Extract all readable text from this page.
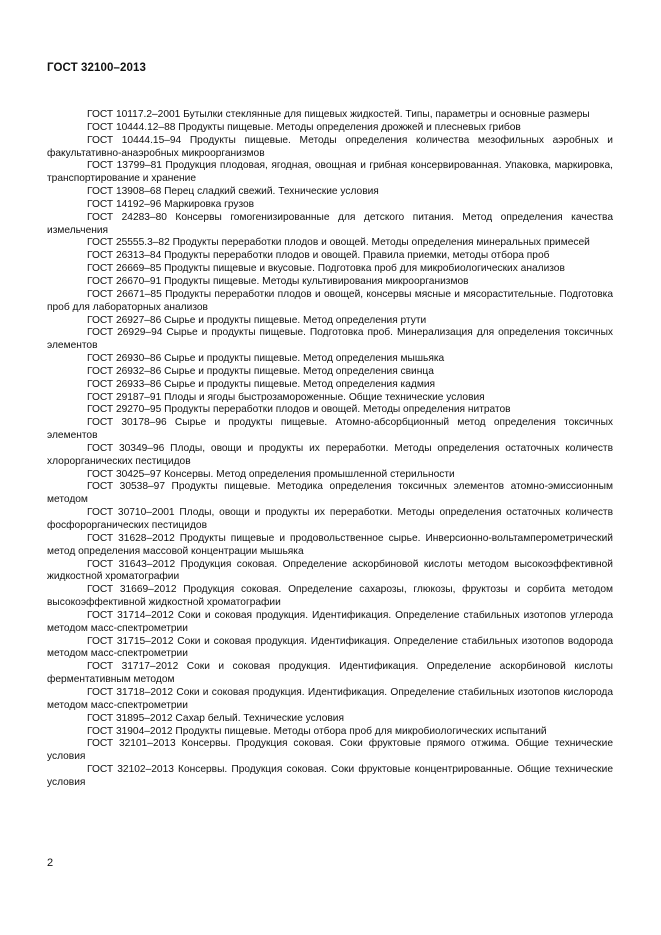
ГОСТ 32100–2013

ГОСТ 10117.2–2001 Бутылки стеклянные для пищевых жидкостей. Типы, параметры и основные размеры

ГОСТ 10444.12–88 Продукты пищевые. Методы определения дрожжей и плесневых грибов

ГОСТ 10444.15–94 Продукты пищевые. Методы определения количества мезофильных аэробных и факультативно-анаэробных микроорганизмов

ГОСТ 13799–81 Продукция плодовая, ягодная, овощная и грибная консервированная. Упаковка, маркировка, транспортирование и хранение

ГОСТ 13908–68 Перец сладкий свежий. Технические условия

ГОСТ 14192–96 Маркировка грузов

ГОСТ 24283–80 Консервы гомогенизированные для детского питания. Метод определения качества измельчения

ГОСТ 25555.3–82 Продукты переработки плодов и овощей. Методы определения минеральных примесей

ГОСТ 26313–84 Продукты переработки плодов и овощей. Правила приемки, методы отбора проб

ГОСТ 26669–85 Продукты пищевые и вкусовые. Подготовка проб для микробиологических анализов

ГОСТ 26670–91 Продукты пищевые. Методы культивирования микроорганизмов

ГОСТ 26671–85 Продукты переработки плодов и овощей, консервы мясные и мясорастительные. Подготовка проб для лабораторных анализов

ГОСТ 26927–86 Сырье и продукты пищевые. Метод определения ртути

ГОСТ 26929–94 Сырье и продукты пищевые. Подготовка проб. Минерализация для определения токсичных элементов

ГОСТ 26930–86 Сырье и продукты пищевые. Метод определения мышьяка

ГОСТ 26932–86 Сырье и продукты пищевые. Метод определения свинца

ГОСТ 26933–86 Сырье и продукты пищевые. Метод определения кадмия

ГОСТ 29187–91 Плоды и ягоды быстрозамороженные. Общие технические условия

ГОСТ 29270–95 Продукты переработки плодов и овощей. Методы определения нитратов

ГОСТ 30178–96 Сырье и продукты пищевые. Атомно-абсорбционный метод определения токсичных элементов

ГОСТ 30349–96 Плоды, овощи и продукты их переработки. Методы определения остаточных количеств хлорорганических пестицидов

ГОСТ 30425–97 Консервы. Метод определения промышленной стерильности

ГОСТ 30538–97 Продукты пищевые. Методика определения токсичных элементов атомно-эмиссионным методом

ГОСТ 30710–2001 Плоды, овощи и продукты их переработки. Методы определения остаточных количеств фосфорорганических пестицидов

ГОСТ 31628–2012 Продукты пищевые и продовольственное сырье. Инверсионно-вольтамперометрический метод определения массовой концентрации мышьяка

ГОСТ 31643–2012 Продукция соковая. Определение аскорбиновой кислоты методом высокоэффективной жидкостной хроматографии

ГОСТ 31669–2012 Продукция соковая. Определение сахарозы, глюкозы, фруктозы и сорбита методом высокоэффективной жидкостной хроматографии

ГОСТ 31714–2012 Соки и соковая продукция. Идентификация. Определение стабильных изотопов углерода методом масс-спектрометрии

ГОСТ 31715–2012 Соки и соковая продукция. Идентификация. Определение стабильных изотопов водорода методом масс-спектрометрии

ГОСТ 31717–2012 Соки и соковая продукция. Идентификация. Определение аскорбиновой кислоты ферментативным методом

ГОСТ 31718–2012 Соки и соковая продукция. Идентификация. Определение стабильных изотопов кислорода методом масс-спектрометрии

ГОСТ 31895–2012 Сахар белый. Технические условия

ГОСТ 31904–2012 Продукты пищевые. Методы отбора проб для микробиологических испытаний

ГОСТ 32101–2013 Консервы. Продукция соковая. Соки фруктовые прямого отжима. Общие технические условия

ГОСТ 32102–2013 Консервы. Продукция соковая. Соки фруктовые концентрированные. Общие технические условия

2
